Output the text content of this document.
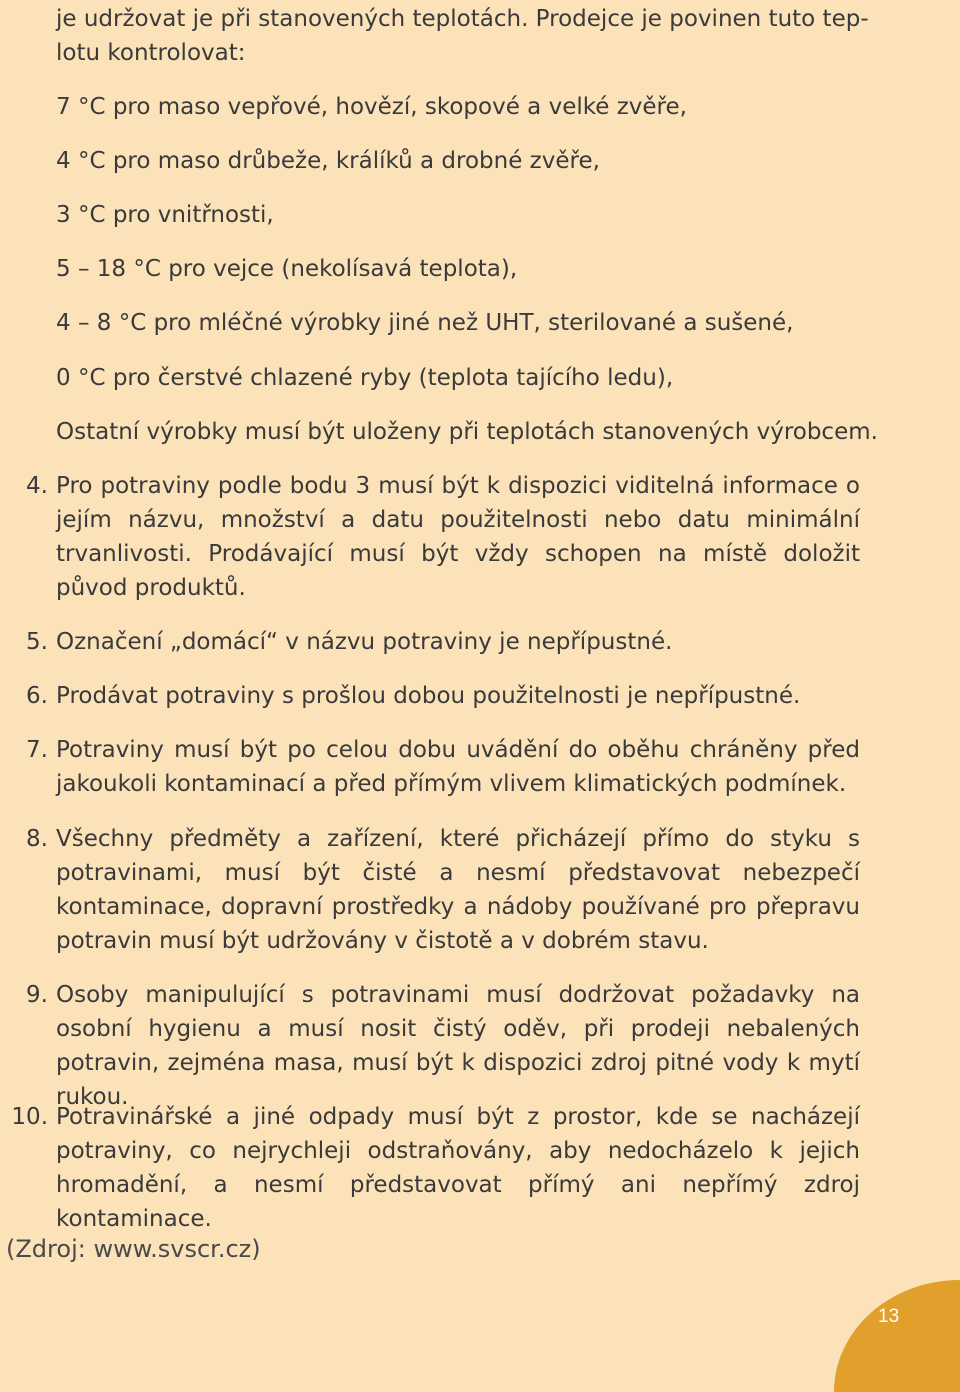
je udržovat je při stanovených teplotách. Prodejce je povinen tuto tep-
lotu kontrolovat:
7 °C pro maso vepřové, hovězí, skopové a velké zvěře,
4 °C pro maso drůbeže, králíků a drobné zvěře,
3 °C pro vnitřnosti,
5 – 18 °C pro vejce (nekolísavá teplota),
4 – 8 °C pro mléčné výrobky jiné než UHT, sterilované a sušené,
0 °C pro čerstvé chlazené ryby (teplota tajícího ledu),
Ostatní výrobky musí být uloženy při teplotách stanovených výrobcem.
4. Pro potraviny podle bodu 3 musí být k dispozici viditelná informace o jejím názvu, množství a datu použitelnosti nebo datu minimální trvanlivosti. Prodávající musí být vždy schopen na místě doložit původ produktů.
5. Označení „domácí“ v názvu potraviny je nepřípustné.
6. Prodávat potraviny s prošlou dobou použitelnosti je nepřípustné.
7. Potraviny musí být po celou dobu uvádění do oběhu chráněny před jakoukoli kontaminací a před přímým vlivem klimatických podmínek.
8. Všechny předměty a zařízení, které přicházejí přímo do styku s potravinami, musí být čisté a nesmí představovat nebezpečí kontaminace, dopravní prostředky a nádoby používané pro přepravu potravin musí být udržovány v čistotě a v dobrém stavu.
9. Osoby manipulující s potravinami musí dodržovat požadavky na osobní hygienu a musí nosit čistý oděv, při prodeji nebalených potravin, zejména masa, musí být k dispozici zdroj pitné vody k mytí rukou.
10. Potravinářské a jiné odpady musí být z prostor, kde se nacházejí potraviny, co nejrychleji odstraňovány, aby nedocházelo k jejich hromadění, a nesmí představovat přímý ani nepřímý zdroj kontaminace.
(Zdroj: www.svscr.cz)
13
